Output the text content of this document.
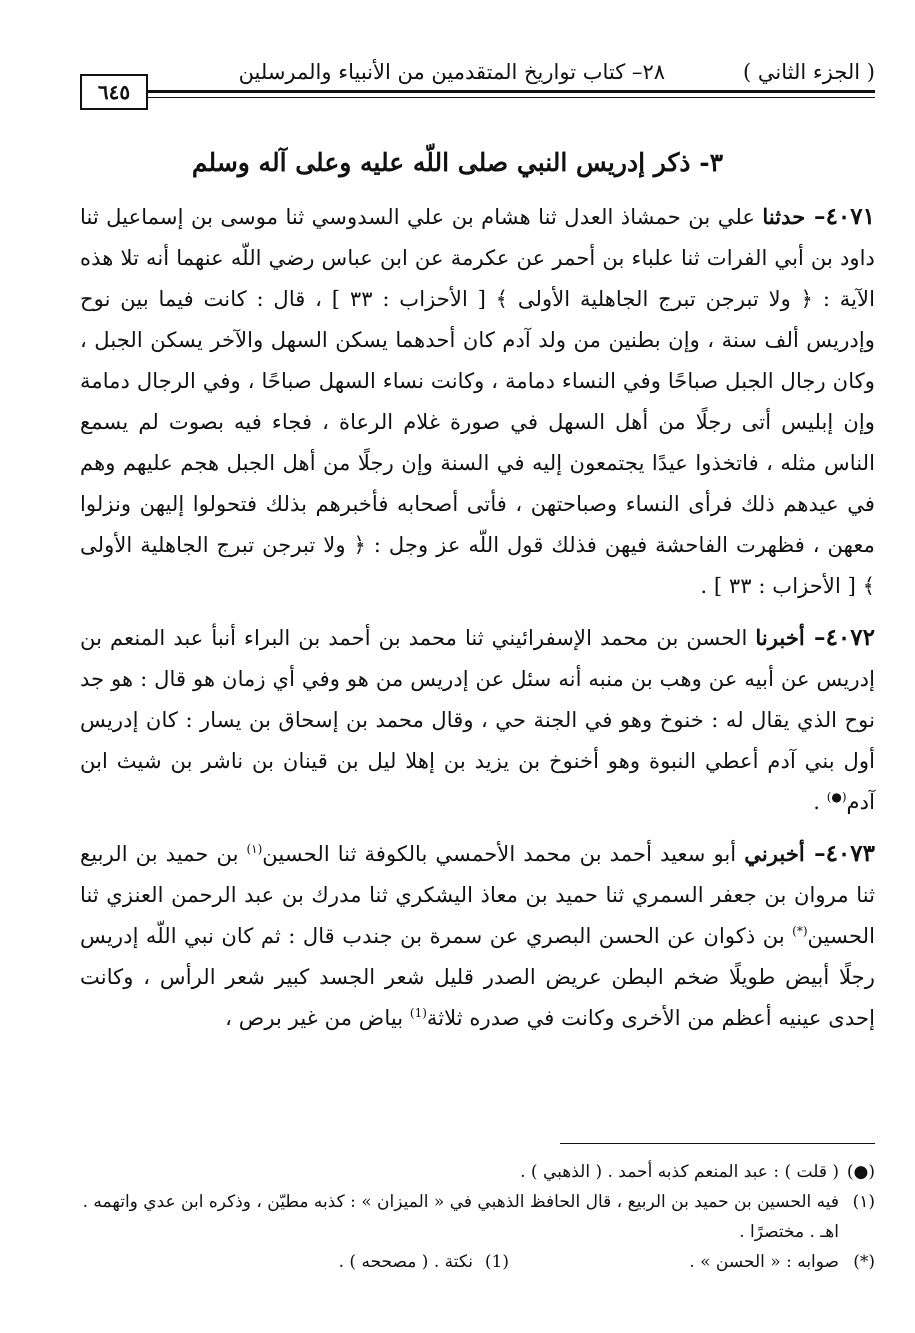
( الجزء الثاني )
٢٨– كتاب تواريخ المتقدمين من الأنبياء والمرسلين
٦٤٥
٣- ذكر إدريس النبي صلى اللّه عليه وعلى آله وسلم

٤٠٧١– حدثنا علي بن حمشاذ العدل ثنا هشام بن علي السدوسي ثنا موسى بن إسماعيل ثنا داود بن أبي الفرات ثنا علباء بن أحمر عن عكرمة عن ابن عباس رضي اللّه عنهما أنه تلا هذه الآية : ﴿ ولا تبرجن تبرج الجاهلية الأولى ﴾ [ الأحزاب : ٣٣ ] ، قال : كانت فيما بين نوح وإدريس ألف سنة ، وإن بطنين من ولد آدم كان أحدهما يسكن السهل والآخر يسكن الجبل ، وكان رجال الجبل صباحًا وفي النساء دمامة ، وكانت نساء السهل صباحًا ، وفي الرجال دمامة وإن إبليس أتى رجلًا من أهل السهل في صورة غلام الرعاة ، فجاء فيه بصوت لم يسمع الناس مثله ، فاتخذوا عيدًا يجتمعون إليه في السنة وإن رجلًا من أهل الجبل هجم عليهم وهم في عيدهم ذلك فرأى النساء وصباحتهن ، فأتى أصحابه فأخبرهم بذلك فتحولوا إليهن ونزلوا معهن ، فظهرت الفاحشة فيهن فذلك قول اللّه عز وجل : ﴿ ولا تبرجن تبرج الجاهلية الأولى ﴾ [ الأحزاب : ٣٣ ] .

٤٠٧٢– أخبرنا الحسن بن محمد الإسفرائيني ثنا محمد بن أحمد بن البراء أنبأ عبد المنعم بن إدريس عن أبيه عن وهب بن منبه أنه سئل عن إدريس من هو وفي أي زمان هو قال : هو جد نوح الذي يقال له : خنوخ وهو في الجنة حي ، وقال محمد بن إسحاق بن يسار : كان إدريس أول بني آدم أعطي النبوة وهو أخنوخ بن يزيد بن إهلا ليل بن قينان بن ناشر بن شيث ابن آدم(●) .

٤٠٧٣– أخبرني أبو سعيد أحمد بن محمد الأحمسي بالكوفة ثنا الحسين$^{(١)}$ بن حميد بن الربيع ثنا مروان بن جعفر السمري ثنا حميد بن معاذ اليشكري ثنا مدرك بن عبد الرحمن العنزي ثنا الحسين(*) بن ذكوان عن الحسن البصري عن سمرة بن جندب قال : ثم كان نبي اللّه إدريس رجلًا أبيض طويلًا ضخم البطن عريض الصدر قليل شعر الجسد كبير شعر الرأس ، وكانت إحدى عينيه أعظم من الأخرى وكانت في صدره ثلاثة$^{(1)}$ بياض من غير برص ،

(●)
( قلت ) : عبد المنعم كذبه أحمد . ( الذهبي ) .
(١)
فيه الحسين بن حميد بن الربيع ، قال الحافظ الذهبي في « الميزان » : كذبه مطيّن ، وذكره ابن عدي واتهمه . اهـ . مختصرًا .
(*)
صوابه : « الحسن » .
(1)
نكتة . ( مصححه ) .
